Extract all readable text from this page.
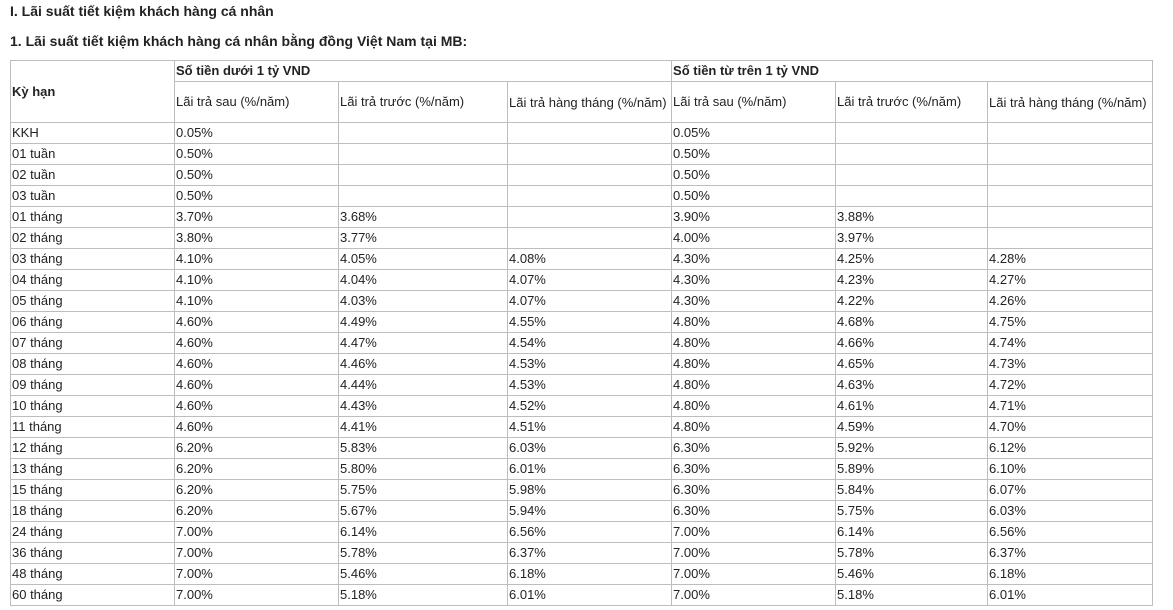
I. Lãi suất tiết kiệm khách hàng cá nhân
1. Lãi suất tiết kiệm khách hàng cá nhân bằng đồng Việt Nam tại MB:
Kỳ hạn	Số tiền dưới 1 tỷ VND			Số tiền từ trên 1 tỷ VND		
	Lãi trả sau (%/năm)	Lãi trả trước (%/năm)	Lãi trả hàng tháng (%/năm)	Lãi trả sau (%/năm)	Lãi trả trước (%/năm)	Lãi trả hàng tháng (%/năm)
KKH	0.05%			0.05%		
01 tuần	0.50%			0.50%		
02 tuần	0.50%			0.50%		
03 tuần	0.50%			0.50%		
01 tháng	3.70%	3.68%		3.90%	3.88%	
02 tháng	3.80%	3.77%		4.00%	3.97%	
03 tháng	4.10%	4.05%	4.08%	4.30%	4.25%	4.28%
04 tháng	4.10%	4.04%	4.07%	4.30%	4.23%	4.27%
05 tháng	4.10%	4.03%	4.07%	4.30%	4.22%	4.26%
06 tháng	4.60%	4.49%	4.55%	4.80%	4.68%	4.75%
07 tháng	4.60%	4.47%	4.54%	4.80%	4.66%	4.74%
08 tháng	4.60%	4.46%	4.53%	4.80%	4.65%	4.73%
09 tháng	4.60%	4.44%	4.53%	4.80%	4.63%	4.72%
10 tháng	4.60%	4.43%	4.52%	4.80%	4.61%	4.71%
11 tháng	4.60%	4.41%	4.51%	4.80%	4.59%	4.70%
12 tháng	6.20%	5.83%	6.03%	6.30%	5.92%	6.12%
13 tháng	6.20%	5.80%	6.01%	6.30%	5.89%	6.10%
15 tháng	6.20%	5.75%	5.98%	6.30%	5.84%	6.07%
18 tháng	6.20%	5.67%	5.94%	6.30%	5.75%	6.03%
24 tháng	7.00%	6.14%	6.56%	7.00%	6.14%	6.56%
36 tháng	7.00%	5.78%	6.37%	7.00%	5.78%	6.37%
48 tháng	7.00%	5.46%	6.18%	7.00%	5.46%	6.18%
60 tháng	7.00%	5.18%	6.01%	7.00%	5.18%	6.01%
